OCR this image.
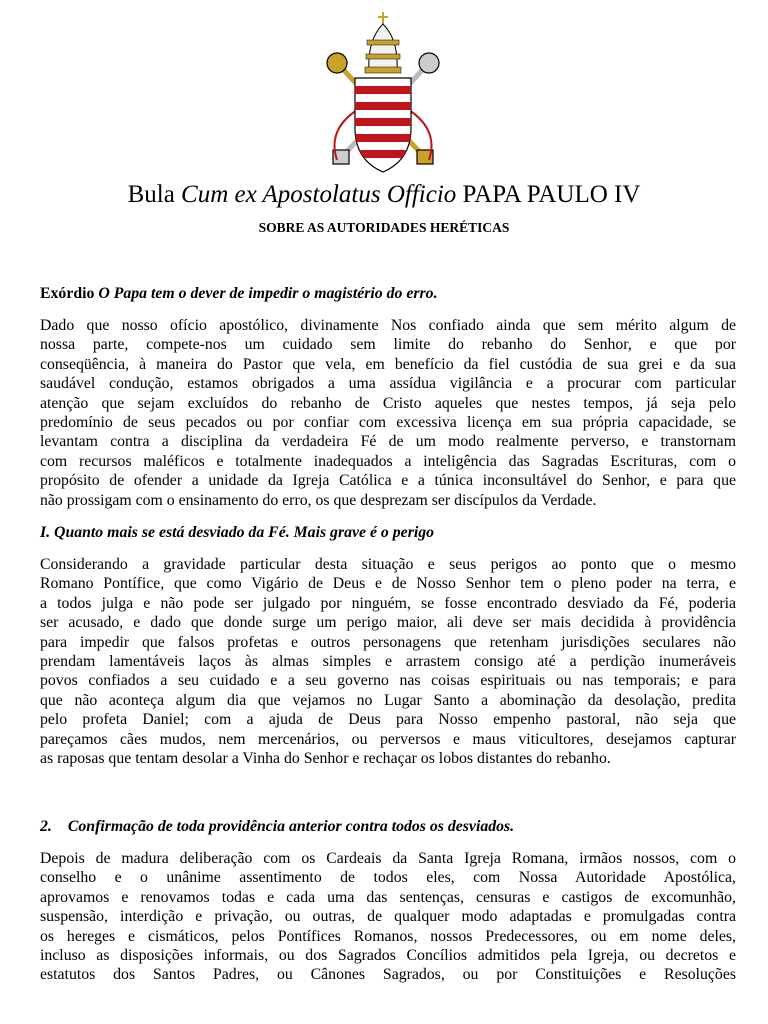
Bula Cum ex Apostolatus Officio PAPA PAULO IV
SOBRE AS AUTORIDADES HERÉTICAS
Exórdio O Papa tem o dever de impedir o magistério do erro.
Dado que nosso ofício apostólico, divinamente Nos confiado ainda que sem mérito algum de
nossa parte, compete-nos um cuidado sem limite do rebanho do Senhor, e que por
conseqüência, à maneira do Pastor que vela, em benefício da fiel custódia de sua grei e da sua
saudável condução, estamos obrigados a uma assídua vigilância e a procurar com particular
atenção que sejam excluídos do rebanho de Cristo aqueles que nestes tempos, já seja pelo
predomínio de seus pecados ou por confiar com excessiva licença em sua própria capacidade, se
levantam contra a disciplina da verdadeira Fé de um modo realmente perverso, e transtornam
com recursos maléficos e totalmente inadequados a inteligência das Sagradas Escrituras, com o
propósito de ofender a unidade da Igreja Católica e a túnica inconsultável do Senhor, e para que
não prossigam com o ensinamento do erro, os que desprezam ser discípulos da Verdade.
I. Quanto mais se está desviado da Fé. Mais grave é o perigo
Considerando a gravidade particular desta situação e seus perigos ao ponto que o mesmo
Romano Pontífice, que como Vigário de Deus e de Nosso Senhor tem o pleno poder na terra, e
a todos julga e não pode ser julgado por ninguém, se fosse encontrado desviado da Fé, poderia
ser acusado, e dado que donde surge um perigo maior, ali deve ser mais decidida à providência
para impedir que falsos profetas e outros personagens que retenham jurisdições seculares não
prendam lamentáveis laços às almas simples e arrastem consigo até a perdição inumeráveis
povos confiados a seu cuidado e a seu governo nas coisas espirituais ou nas temporais; e para
que não aconteça algum dia que vejamos no Lugar Santo a abominação da desolação, predita
pelo profeta Daniel; com a ajuda de Deus para Nosso empenho pastoral, não seja que
pareçamos cães mudos, nem mercenários, ou perversos e maus viticultores, desejamos capturar
as raposas que tentam desolar a Vinha do Senhor e rechaçar os lobos distantes do rebanho.
2. Confirmação de toda providência anterior contra todos os desviados.
Depois de madura deliberação com os Cardeais da Santa Igreja Romana, irmãos nossos, com o
conselho e o unânime assentimento de todos eles, com Nossa Autoridade Apostólica,
aprovamos e renovamos todas e cada uma das sentenças, censuras e castigos de excomunhão,
suspensão, interdição e privação, ou outras, de qualquer modo adaptadas e promulgadas contra
os hereges e cismáticos, pelos Pontífices Romanos, nossos Predecessores, ou em nome deles,
incluso as disposições informais, ou dos Sagrados Concílios admitidos pela Igreja, ou decretos e
estatutos dos Santos Padres, ou Cânones Sagrados, ou por Constituições e Resoluções
